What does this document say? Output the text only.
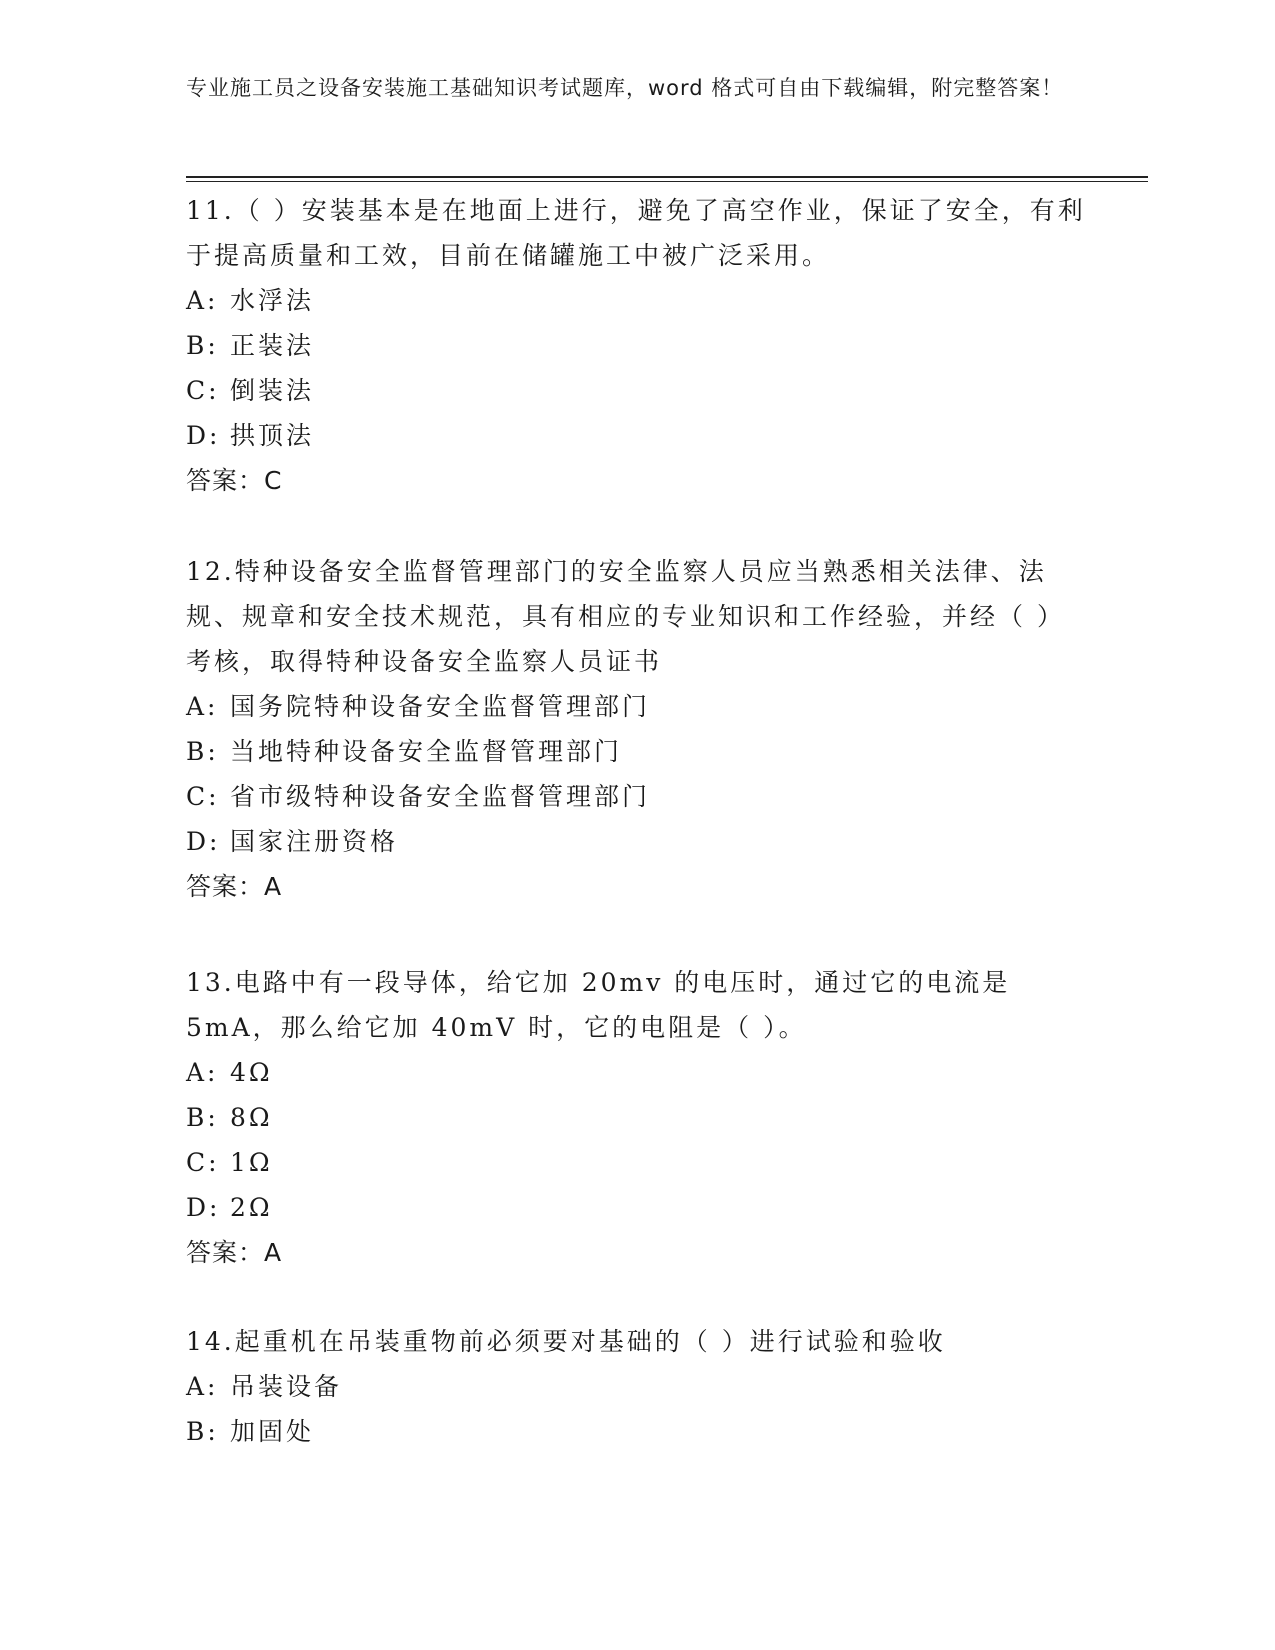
专业施工员之设备安装施工基础知识考试题库，word 格式可自由下载编辑，附完整答案！

11.（ ）安装基本是在地面上进行，避免了高空作业，保证了安全，有利于提高质量和工效，目前在储罐施工中被广泛采用。

A: 水浮法

B: 正装法

C: 倒装法

D: 拱顶法

答案：C

12.特种设备安全监督管理部门的安全监察人员应当熟悉相关法律、法规、规章和安全技术规范，具有相应的专业知识和工作经验，并经（ ）考核，取得特种设备安全监察人员证书

A: 国务院特种设备安全监督管理部门

B: 当地特种设备安全监督管理部门

C: 省市级特种设备安全监督管理部门

D: 国家注册资格

答案：A

13.电路中有一段导体，给它加 20mv 的电压时，通过它的电流是 5mA，那么给它加 40mV 时，它的电阻是（ ）。

A: 4Ω

B: 8Ω

C: 1Ω

D: 2Ω

答案：A

14.起重机在吊装重物前必须要对基础的（ ）进行试验和验收

A: 吊装设备

B: 加固处
